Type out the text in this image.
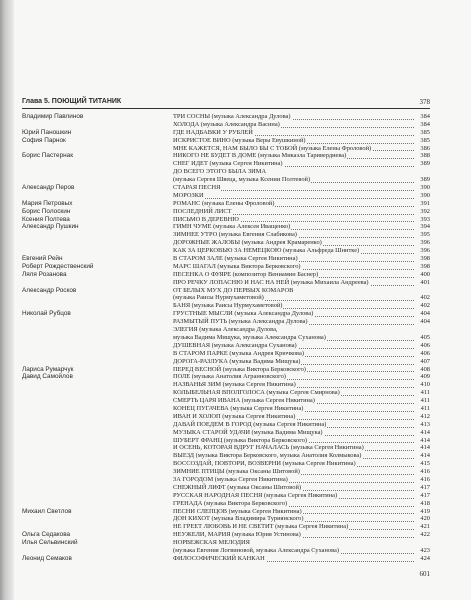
Глава 5. ПОЮЩИЙ ТИТАНИК	378
Владимир Павлинов	ТРИ СОСНЫ (музыка Александра Дулова)	384
ХОЛОДА (музыка Александра Васина)	384
Юрий Паношкин	ГДЕ НАДБАВКИ У РУБЛЕЙ	385
София Парнок	ИСКРИСТОЕ ВИНО (музыка Веры Евушкиной)	385
МНЕ КАЖЕТСЯ, НАМ БЫЛО БЫ С ТОБОЙ (музыка Елены Фроловой)	386
Борис Пастернак	НИКОГО НЕ БУДЕТ В ДОМЕ (музыка Микаэла Таривердиева)	388
СНЕГ ИДЕТ (музыка Сергея Никитина)	389
ДО ВСЕГО ЭТОГО БЫЛА ЗИМА
(музыка Сергея Швеца, музыка Ксении Полтевой)	389
Александр Перов	СТАРАЯ ПЕСНЯ	390
МОРОЗКИ	390
Мария Петровых	РОМАНС (музыка Елены Фроловой)	391
Борис Полоскин	ПОСЛЕДНИЙ ЛИСТ	392
Ксения Полтева	ПИСЬМО В ДЕРЕВНЮ	393
Александр Пушкин	ГИМН ЧУМЕ (музыка Алексея Иващенко)	394
ЗИМНЕЕ УТРО (музыка Евгения Слабикова)	395
ДОРОЖНЫЕ ЖАЛОБЫ (музыка Андрея Крамаренко)	396
КАК ЗА ЦЕРКОВЬЮ ЗА НЕМЕЦКОЮ (музыка Альфреда Шнитке)	396
Евгений Рейн	В СТАРОМ ЗАЛЕ (музыка Сергея Никитина)	398
Роберт Рождественский	МАРС ШАГАЛ (музыка Виктора Берковского)	398
Ляля Розанова	ПЕСЕНКА О ФУЯРЕ (композитор Вениамин Баснер)	400
ПРО РЕЧКУ ЛОПАСНЮ И НАС НА НЕЙ (музыка Михаила Андреева)	401
Александр Росков	ОТ БЕЛЫХ МУХ ДО ПЕРВЫХ КОМАРОВ
(музыка Раисы Нурмухаметовой)	402
БАНЯ (музыка Раисы Нурмухаметовой)	402
Николай Рубцов	ГРУСТНЫЕ МЫСЛИ (музыка Александра Дулова)	404
РАЗМЫТЫЙ ПУТЬ (музыка Александра Дулова)	404
ЭЛЕГИЯ (музыка Александра Дулова,
музыка Вадима Мищука, музыка Александра Суханова)	405
ДУШЕВНАЯ (музыка Александра Суханова)	406
В СТАРОМ ПАРКЕ (музыка Андрея Крючкова)	406
ДОРОГА-РАЗЛУКА (музыка Вадима Мищука)	407
Лариса Румарчук	ПЕРЕД ВЕСНОЙ (музыка Виктора Берковского)	408
Давид Самойлов	ПОЛЕ (музыка Анатолия Агранновского)	409
НАЗВАНЬЯ ЗИМ (музыка Сергея Никитина)	410
КОЛЫБЕЛЬНАЯ ВПОЛГОЛОСА (музыка Сергея Смирнова)	411
СМЕРТЬ ЦАРЯ ИВАНА (музыка Сергея Никитина)	411
КОНЕЦ ПУГАЧЕВА (музыка Сергея Никитина)	411
ИВАН И ХОЛОП (музыка Сергея Никитина)	412
ДАВАЙ ПОЕДЕМ В ГОРОД (музыка Сергея Никитина)	413
МУЗЫКА СТАРОЙ УДАЧИ (музыка Вадима Мищука)	414
ШУБЕРТ ФРАНЦ (музыка Виктора Берковского)	414
И ОСЕНЬ, КОТОРАЯ ВДРУГ НАЧАЛАСЬ (музыка Сергея Никитина)	414
ВЫЕЗД (музыка Виктора Берковского, музыка Анатолия Колмыкова)	414
ВОССОЗДАЙ, ПОВТОРИ, ВОЗВЕРНИ (музыка Сергея Никитина)	415
ЗИМНИЕ ПТИЦЫ (музыка Оксаны Шитовой)	416
ЗА ГОРОДОМ (музыка Сергея Никитина)	416
СНЕЖНЫЙ ЛИФТ (музыка Оксаны Шитовой)	417
РУССКАЯ НАРОДНАЯ ПЕСНЯ (музыка Сергея Никитина)	417
ГРЕНАДА (музыка Виктора Берковского)	418
Михаил Светлов	ПЕСНИ СЛЕПЦОВ (музыка Сергея Никитина)	419
ДОН КИХОТ (музыка Владимира Туриянского)	420
НЕ ГРЕЕТ ЛЮБОВЬ И НЕ СВЕТИТ (музыка Сергея Никитина)	421
Ольга Седакова	НЕУЖЕЛИ, МАРИЯ (музыка Юрия Устинова)	422
Илья Сельвинский	НОРВЕЖСКАЯ МЕЛОДИЯ
(музыка Евгения Логвиновой, музыка Александра Суханова)	423
Леонид Семаков	ФИЛОСОФИЧЕСКИЙ КАНКАН	424
601
